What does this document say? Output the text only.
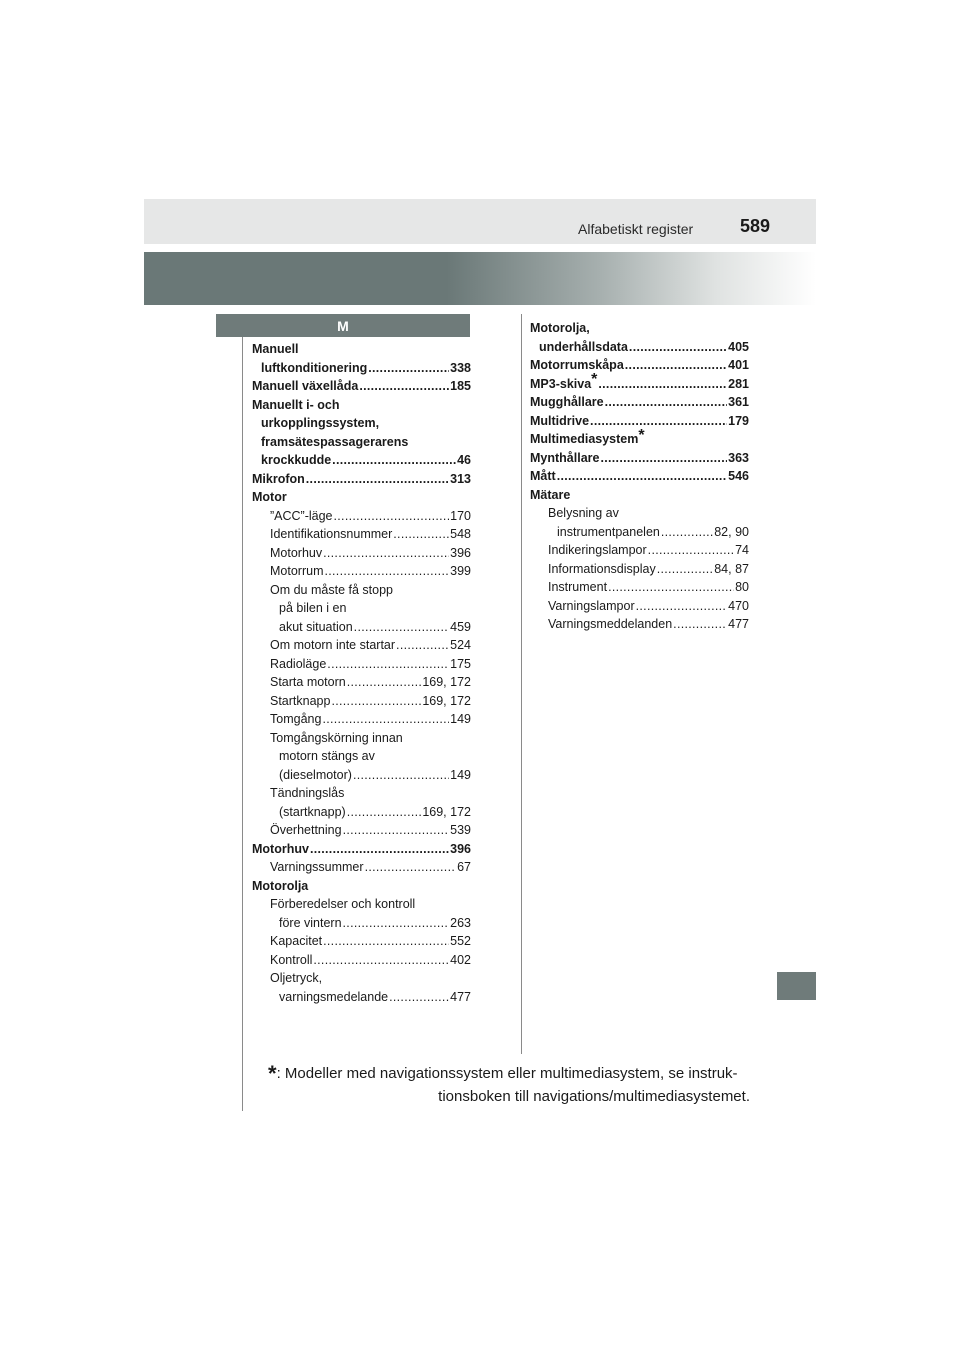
Alfabetiskt register	589
M
Manuell
luftkonditionering .....	338
Manuell växellåda .....	185
Manuellt i- och
urkopplingssystem,
framsätespassagerarens
krockkudde .....	46
Mikrofon .....	313
Motor
”ACC”-läge .....	170
Identifikationsnummer .....	548
Motorhuv .....	396
Motorrum .....	399
Om du måste få stopp
på bilen i en
akut situation .....	459
Om motorn inte startar .....	524
Radioläge .....	175
Starta motorn .....	169, 172
Startknapp .....	169, 172
Tomgång .....	149
Tomgångskörning innan
motorn stängs av
(dieselmotor) .....	149
Tändningslås
(startknapp) .....	169, 172
Överhettning .....	539
Motorhuv .....	396
Varningssummer .....	67
Motorolja
Förberedelser och kontroll
före vintern .....	263
Kapacitet .....	552
Kontroll .....	402
Oljetryck,
varningsmedelande .....	477
Motorolja,
underhållsdata .....	405
Motorrumskåpa .....	401
MP3-skiva* .....	281
Mugghållare .....	361
Multidrive .....	179
Multimediasystem*
Mynthållare .....	363
Mått .....	546
Mätare
Belysning av
instrumentpanelen .....	82, 90
Indikeringslampor .....	74
Informationsdisplay .....	84, 87
Instrument .....	80
Varningslampor .....	470
Varningsmeddelanden .....	477
*: Modeller med navigationssystem eller multimediasystem, se instruk-
tionsboken till navigations/multimediasystemet.
